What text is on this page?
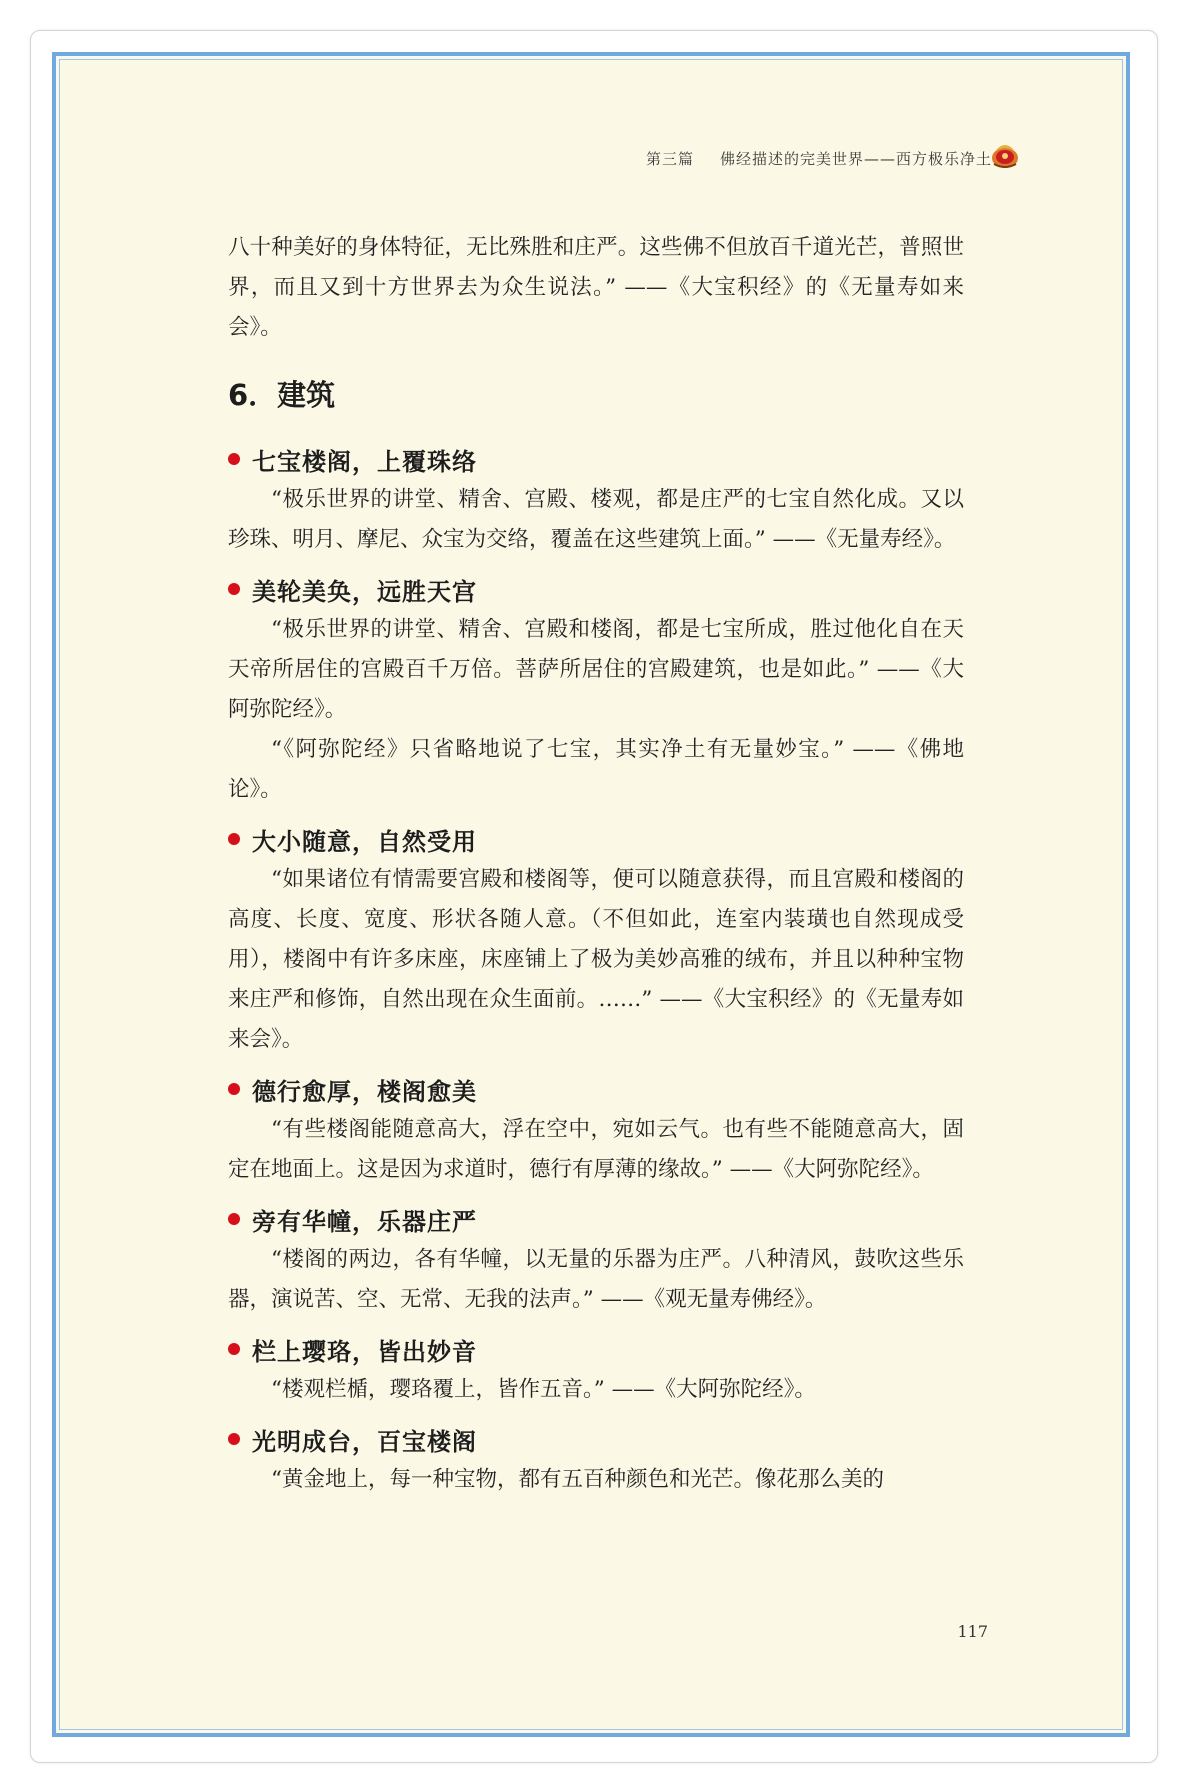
第三篇 佛经描述的完美世界——西方极乐净土

八十种美好的身体特征，无比殊胜和庄严。这些佛不但放百千道光芒，普照世界，而且又到十方世界去为众生说法。” ——《大宝积经》的《无量寿如来会》。

6．建筑
七宝楼阁，上覆珠络

“极乐世界的讲堂、精舍、宫殿、楼观，都是庄严的七宝自然化成。又以珍珠、明月、摩尼、众宝为交络，覆盖在这些建筑上面。” ——《无量寿经》。

美轮美奂，远胜天宫

“极乐世界的讲堂、精舍、宫殿和楼阁，都是七宝所成，胜过他化自在天天帝所居住的宫殿百千万倍。菩萨所居住的宫殿建筑，也是如此。” ——《大阿弥陀经》。

“《阿弥陀经》只省略地说了七宝，其实净土有无量妙宝。” ——《佛地论》。

大小随意，自然受用

“如果诸位有情需要宫殿和楼阁等，便可以随意获得，而且宫殿和楼阁的高度、长度、宽度、形状各随人意。（不但如此，连室内装璜也自然现成受用），楼阁中有许多床座，床座铺上了极为美妙高雅的绒布，并且以种种宝物来庄严和修饰，自然出现在众生面前。……” ——《大宝积经》的《无量寿如来会》。

德行愈厚，楼阁愈美

“有些楼阁能随意高大，浮在空中，宛如云气。也有些不能随意高大，固定在地面上。这是因为求道时，德行有厚薄的缘故。” ——《大阿弥陀经》。

旁有华幢，乐器庄严

“楼阁的两边，各有华幢，以无量的乐器为庄严。八种清风，鼓吹这些乐器，演说苦、空、无常、无我的法声。” ——《观无量寿佛经》。

栏上璎珞，皆出妙音

“楼观栏楯，璎珞覆上，皆作五音。” ——《大阿弥陀经》。

光明成台，百宝楼阁

“黄金地上，每一种宝物，都有五百种颜色和光芒。像花那么美的

117
